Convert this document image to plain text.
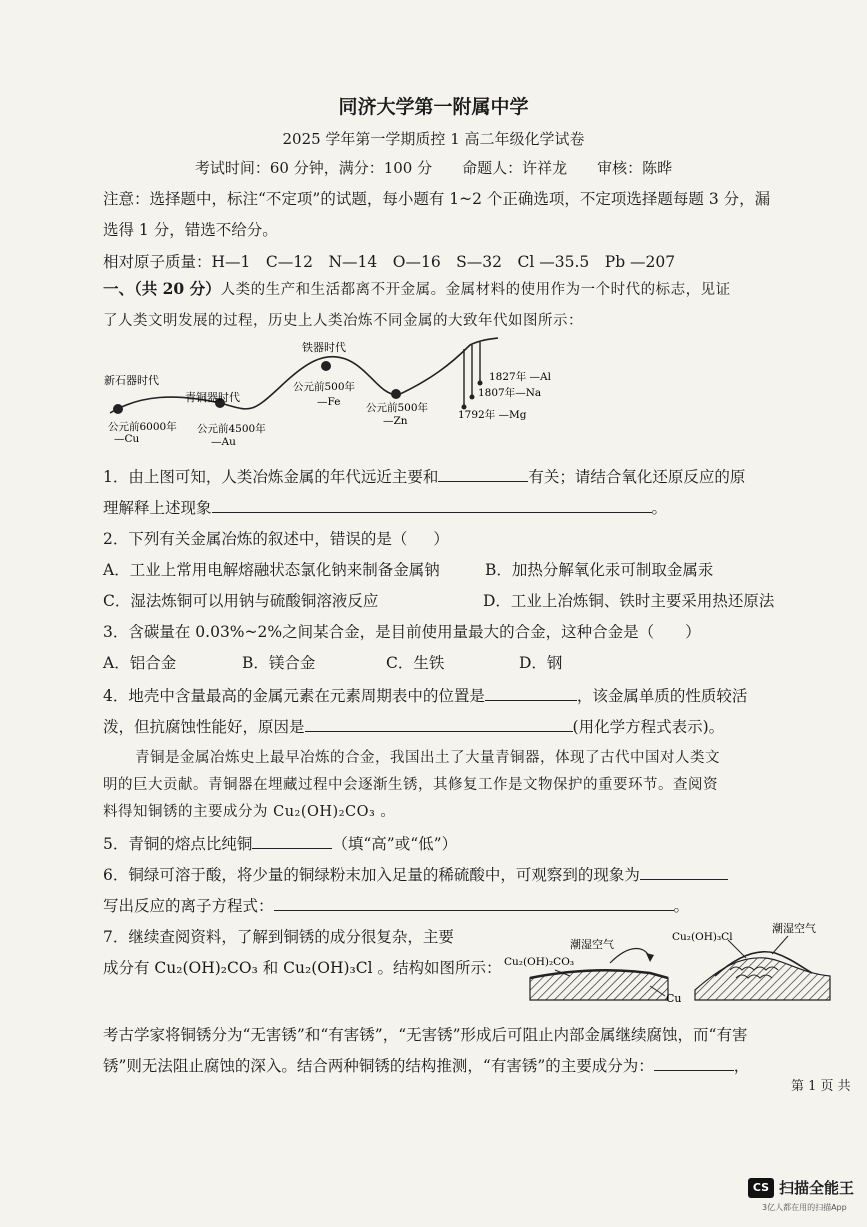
同济大学第一附属中学
2025 学年第一学期质控 1 高二年级化学试卷
考试时间：60 分钟，满分：100 分　　命题人：许祥龙　　审核：陈晔
注意：选择题中，标注“不定项”的试题，每小题有 1~2 个正确选项，不定项选择题每题 3 分，漏
选得 1 分，错选不给分。
相对原子质量：H—1　C—12　N—14　O—16　S—32　Cl —35.5　Pb —207
一、（共 20 分）人类的生产和生活都离不开金属。金属材料的使用作为一个时代的标志，见证
了人类文明发展的过程，历史上人类冶炼不同金属的大致年代如图所示：
新石器时代
青铜器时代
铁器时代
公元前6000年
—Cu
公元前4500年
—Au
公元前500年
—Fe 公元前500年
—Zn
1827年 —Al
1807年—Na
1792年 —Mg
1．由上图可知，人类冶炼金属的年代远近主要和	有关；请结合氧化还原反应的原
理解释上述现象	。
2．下列有关金属冶炼的叙述中，错误的是（ ）
A．工业上常用电解熔融状态氯化钠来制备金属钠	B．加热分解氧化汞可制取金属汞
C．湿法炼铜可以用钠与硫酸铜溶液反应	D．工业上冶炼铜、铁时主要采用热还原法
3．含碳量在 0.03%~2%之间某合金，是目前使用量最大的合金，这种合金是（　　）
A．铝合金	B．镁合金	C．生铁	D．钢
4．地壳中含量最高的金属元素在元素周期表中的位置是	，该金属单质的性质较活
泼，但抗腐蚀性能好，原因是	(用化学方程式表示)。
青铜是金属冶炼史上最早冶炼的合金，我国出土了大量青铜器，体现了古代中国对人类文
明的巨大贡献。青铜器在埋藏过程中会逐渐生锈，其修复工作是文物保护的重要环节。查阅资
料得知铜锈的主要成分为 Cu₂(OH)₂CO₃ 。
5．青铜的熔点比纯铜	（填“高”或“低”）
6．铜绿可溶于酸，将少量的铜绿粉末加入足量的稀硫酸中，可观察到的现象为
写出反应的离子方程式：	。
7．继续查阅资料，了解到铜锈的成分很复杂，主要
成分有 Cu₂(OH)₂CO₃ 和 Cu₂(OH)₃Cl 。结构如图所示： Cu₂(OH)₂CO₃
潮湿空气
Cu
Cu₂(OH)₃Cl
潮湿空气
考古学家将铜锈分为“无害锈”和“有害锈”，“无害锈”形成后可阻止内部金属继续腐蚀，而“有害
锈”则无法阻止腐蚀的深入。结合两种铜锈的结构推测，“有害锈”的主要成分为：	，
第 1 页 共
CS 扫描全能王
3亿人都在用的扫描App
